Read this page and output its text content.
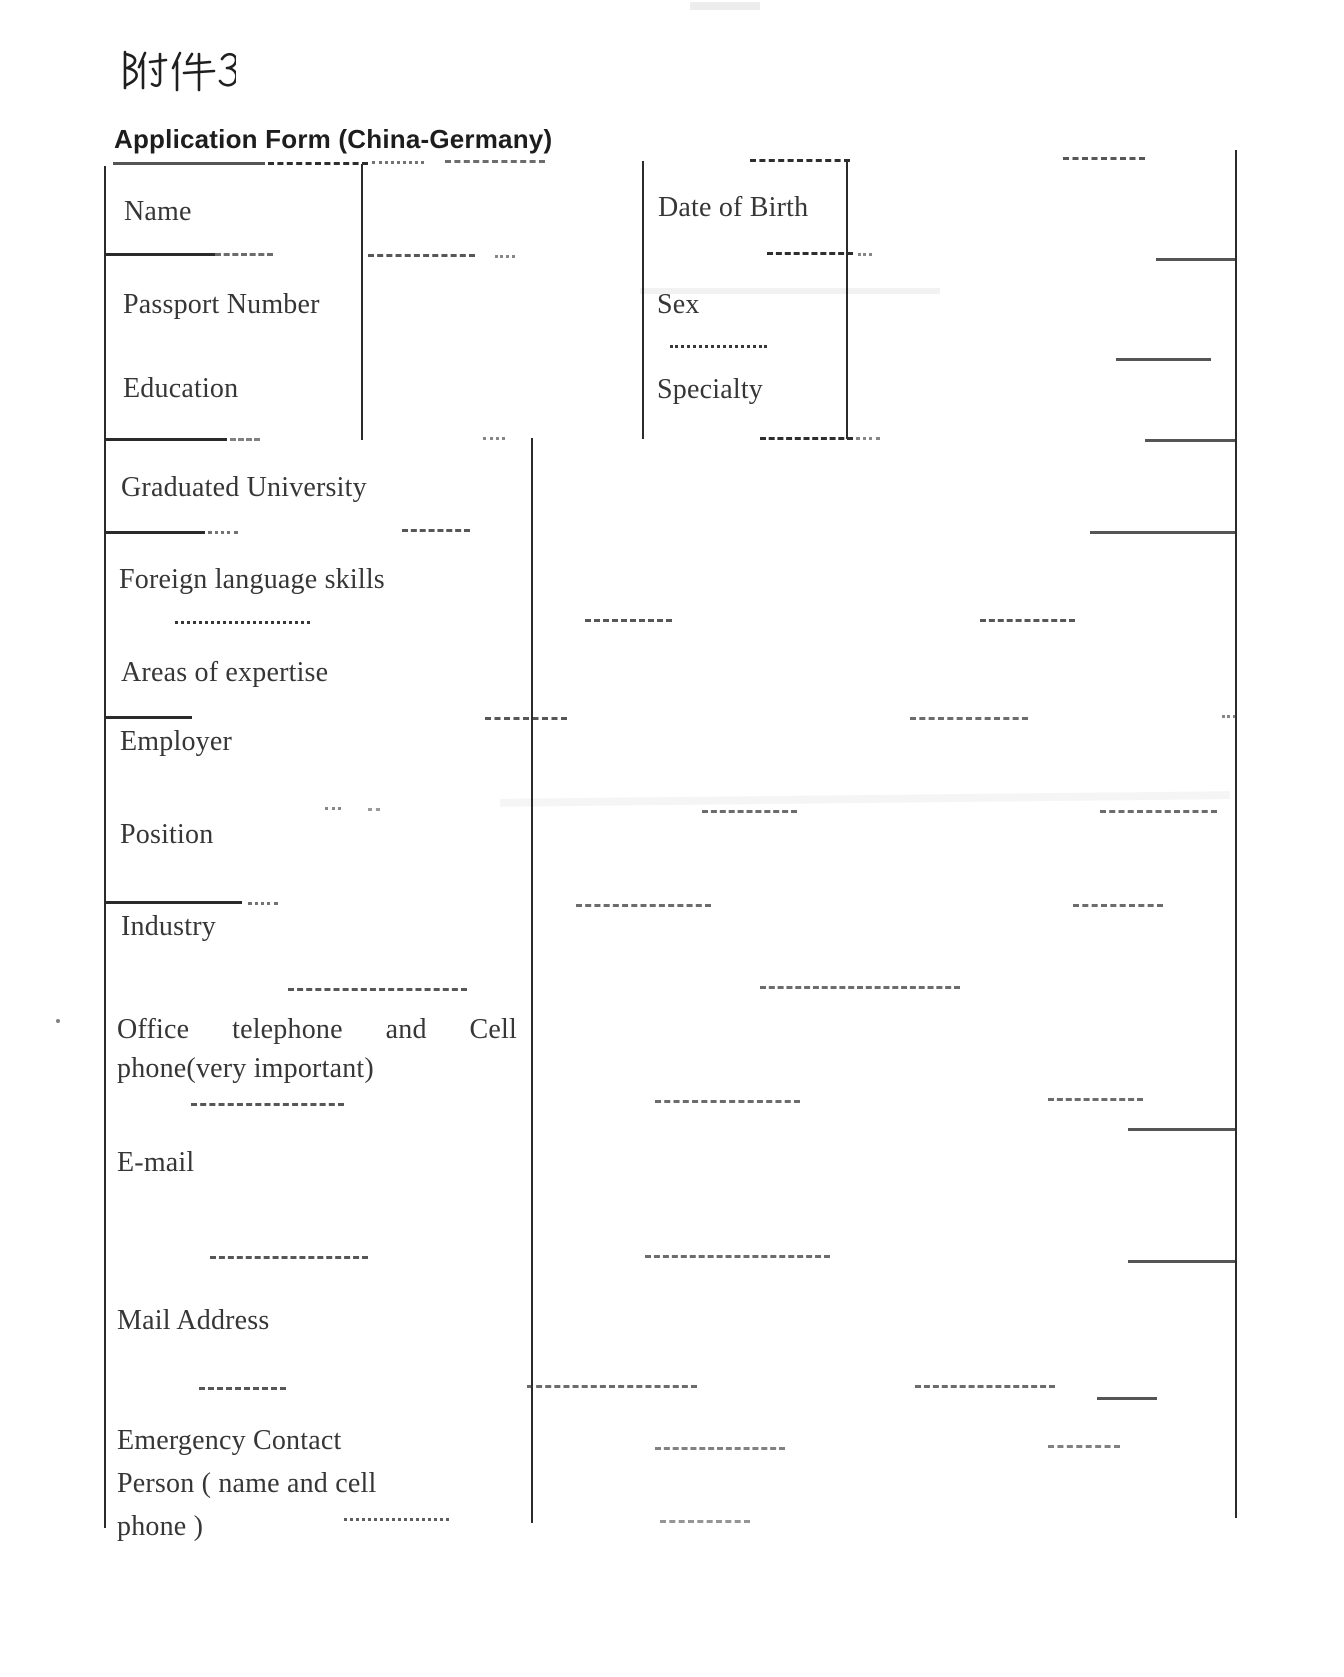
Application Form (China-Germany)
Name	Date of Birth
Passport Number	Sex
Education	Specialty
Graduated University
Foreign language skills
Areas of expertise
Employer
Position
Industry
Office telephone and Cell phone(very important)
E-mail
Mail Address
Emergency Contact Person ( name and cell phone )
